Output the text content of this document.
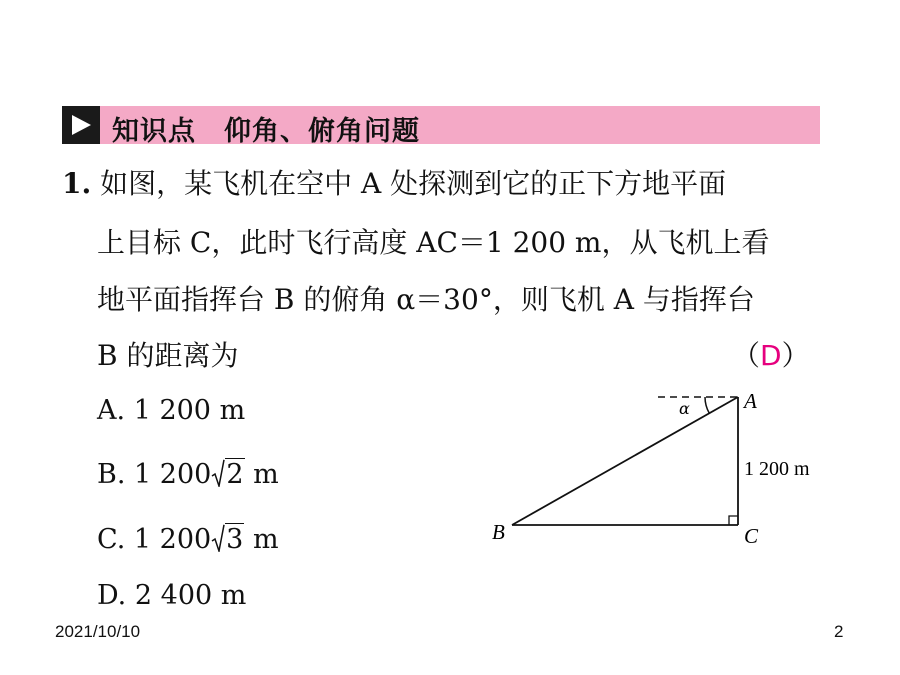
知识点　仰角、俯角问题
1. 如图，某飞机在空中 A 处探测到它的正下方地平面
上目标 C，此时飞行高度 AC＝1 200 m，从飞机上看
地平面指挥台 B 的俯角 α＝30°，则飞机 A 与指挥台
B 的距离为	（D）
A. 1 200 m
B. 1 200 2 m
C. 1 200 3 m
D. 2 400 m
α	A
B	C
1 200 m
2021/10/10	2
